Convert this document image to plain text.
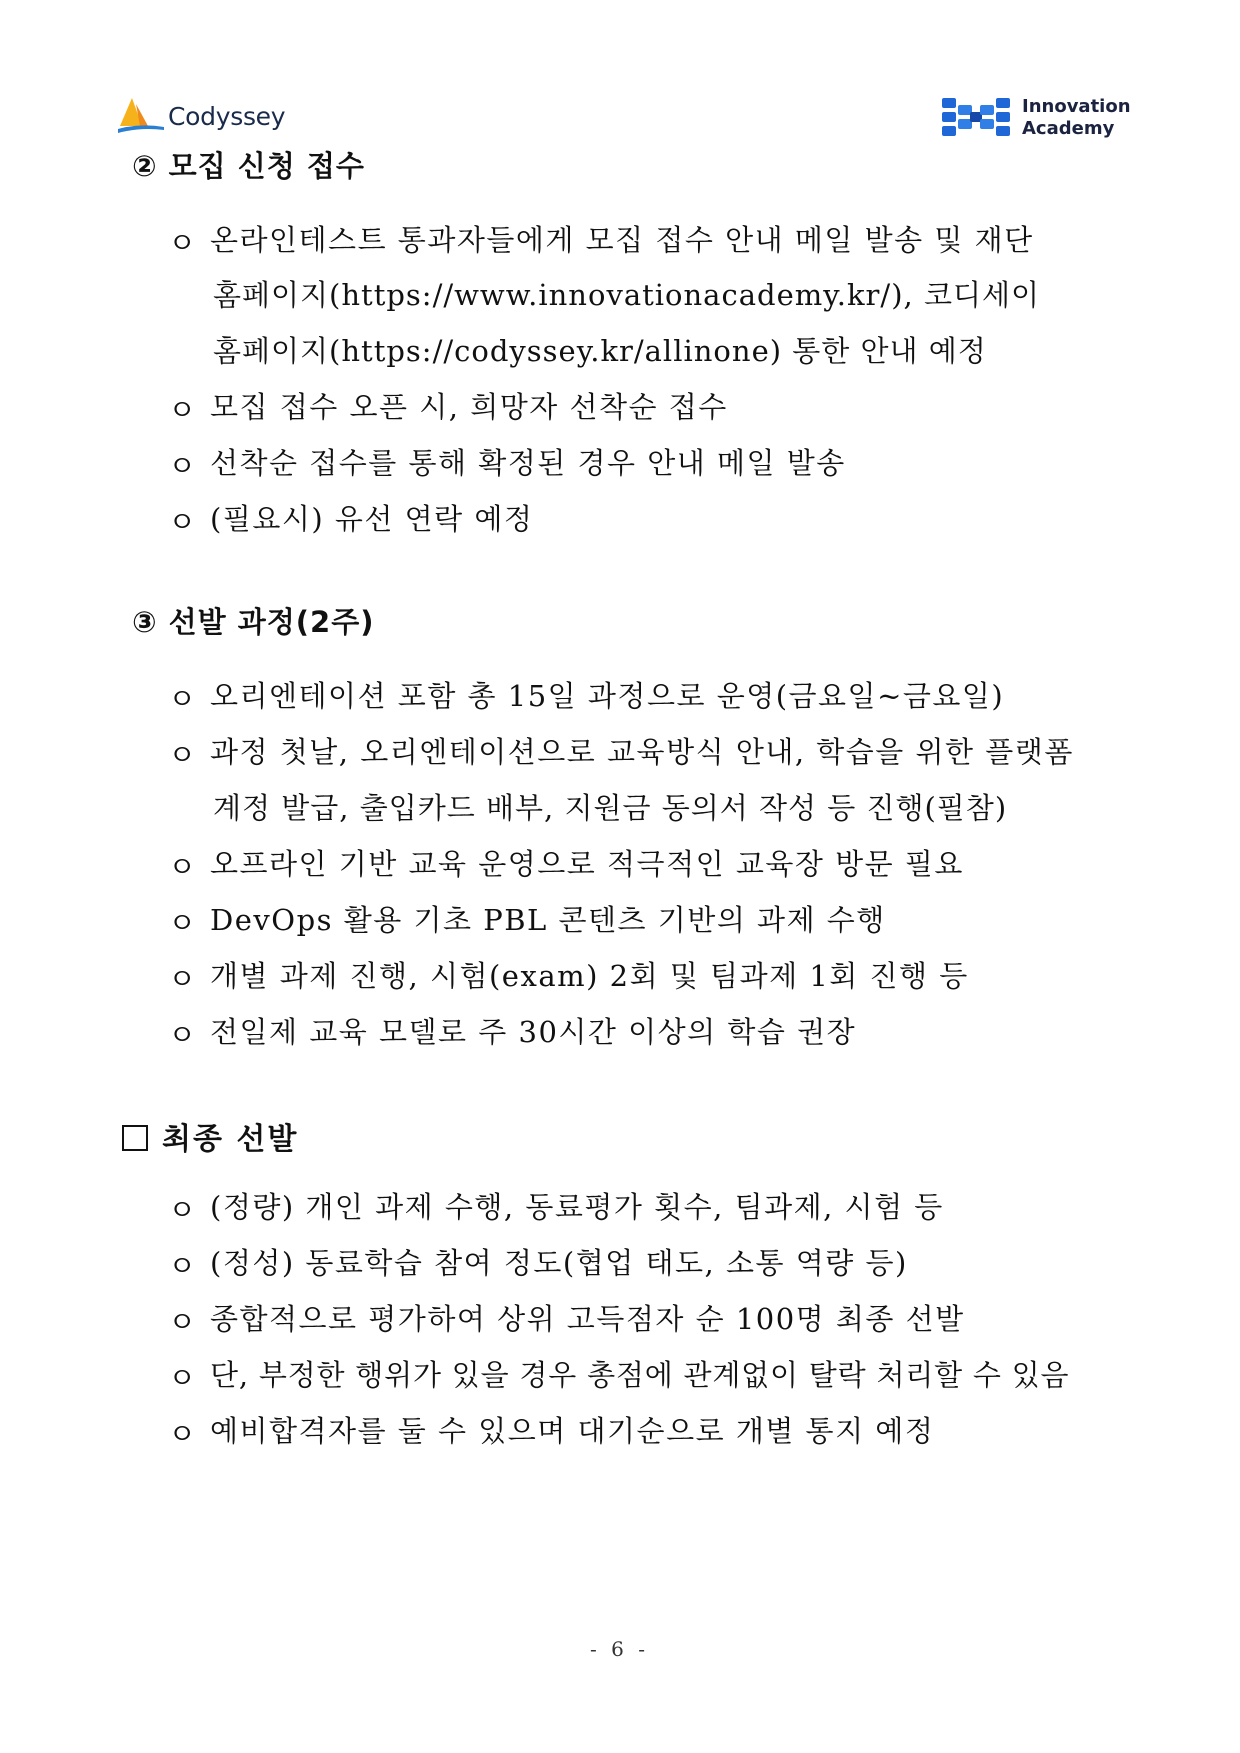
Codyssey	Innovation
Academy
② 모집 신청 접수
ㅇ 온라인테스트 통과자들에게 모집 접수 안내 메일 발송 및 재단
홈페이지(https://www.innovationacademy.kr/), 코디세이
홈페이지(https://codyssey.kr/allinone) 통한 안내 예정
ㅇ 모집 접수 오픈 시, 희망자 선착순 접수
ㅇ 선착순 접수를 통해 확정된 경우 안내 메일 발송
ㅇ (필요시) 유선 연락 예정
③ 선발 과정(2주)
ㅇ 오리엔테이션 포함 총 15일 과정으로 운영(금요일~금요일)
ㅇ 과정 첫날, 오리엔테이션으로 교육방식 안내, 학습을 위한 플랫폼
계정 발급, 출입카드 배부, 지원금 동의서 작성 등 진행(필참)
ㅇ 오프라인 기반 교육 운영으로 적극적인 교육장 방문 필요
ㅇ DevOps 활용 기초 PBL 콘텐츠 기반의 과제 수행
ㅇ 개별 과제 진행, 시험(exam) 2회 및 팀과제 1회 진행 등
ㅇ 전일제 교육 모델로 주 30시간 이상의 학습 권장
최종 선발
ㅇ (정량) 개인 과제 수행, 동료평가 횟수, 팀과제, 시험 등
ㅇ (정성) 동료학습 참여 정도(협업 태도, 소통 역량 등)
ㅇ 종합적으로 평가하여 상위 고득점자 순 100명 최종 선발
ㅇ 단, 부정한 행위가 있을 경우 총점에 관계없이 탈락 처리할 수 있음
ㅇ 예비합격자를 둘 수 있으며 대기순으로 개별 통지 예정
- 6 -
